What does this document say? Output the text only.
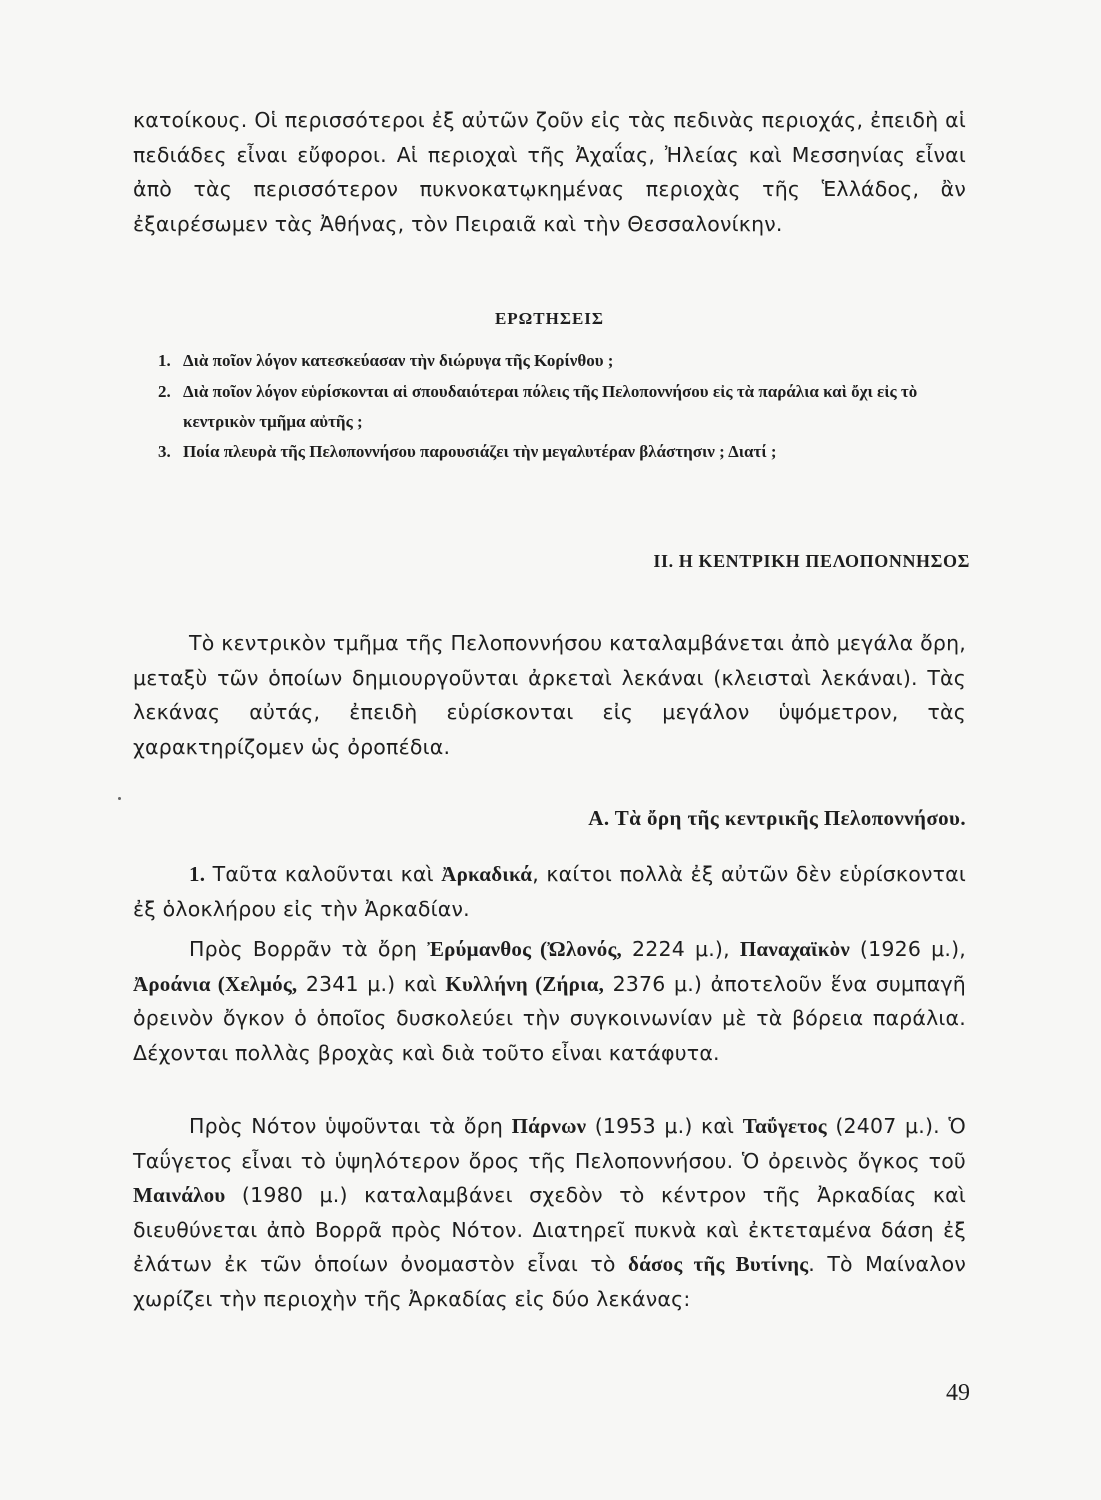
κατοίκους. Οἱ περισσότεροι ἐξ αὐτῶν ζοῦν εἰς τὰς πεδινὰς περιοχάς, ἐπειδὴ αἱ πεδιάδες εἶναι εὔφοροι. Αἱ περιοχαὶ τῆς Ἀχαΐας, Ἠλείας καὶ Μεσσηνίας εἶναι ἀπὸ τὰς περισσότερον πυκνοκατῳκημένας περιοχὰς τῆς Ἑλλάδος, ἂν ἐξαιρέσωμεν τὰς Ἀθήνας, τὸν Πειραιᾶ καὶ τὴν Θεσσαλονίκην.

ΕΡΩΤΗΣΕΙΣ

1. Διὰ ποῖον λόγον κατεσκεύασαν τὴν διώρυγα τῆς Κορίνθου ;

2. Διὰ ποῖον λόγον εὑρίσκονται αἱ σπουδαιότεραι πόλεις τῆς Πελοποννήσου εἰς τὰ παράλια καὶ ὄχι εἰς τὸ κεντρικὸν τμῆμα αὐτῆς ;

3. Ποία πλευρὰ τῆς Πελοποννήσου παρουσιάζει τὴν μεγαλυτέραν βλάστησιν ; Διατί ;

ΙΙ. Η ΚΕΝΤΡΙΚΗ ΠΕΛΟΠΟΝΝΗΣΟΣ

Τὸ κεντρικὸν τμῆμα τῆς Πελοποννήσου καταλαμβάνεται ἀπὸ μεγάλα ὄρη, μεταξὺ τῶν ὁποίων δημιουργοῦνται ἀρκεταὶ λεκάναι (κλεισταὶ λεκάναι). Τὰς λεκάνας αὐτάς, ἐπειδὴ εὑρίσκονται εἰς μεγάλον ὑψόμετρον, τὰς χαρακτηρίζομεν ὡς ὀροπέδια.

Α. Τὰ ὄρη τῆς κεντρικῆς Πελοποννήσου.

1. Ταῦτα καλοῦνται καὶ Ἀρκαδικά, καίτοι πολλὰ ἐξ αὐτῶν δὲν εὑρίσκονται ἐξ ὁλοκλήρου εἰς τὴν Ἀρκαδίαν.

Πρὸς Βορρᾶν τὰ ὄρη Ἐρύμανθος (Ὠλονός, 2224 μ.), Παναχαϊκὸν (1926 μ.), Ἀροάνια (Χελμός, 2341 μ.) καὶ Κυλλήνη (Ζήρια, 2376 μ.) ἀποτελοῦν ἕνα συμπαγῆ ὀρεινὸν ὄγκον ὁ ὁποῖος δυσκολεύει τὴν συγκοινωνίαν μὲ τὰ βόρεια παράλια. Δέχονται πολλὰς βροχὰς καὶ διὰ τοῦτο εἶναι κατάφυτα.

Πρὸς Νότον ὑψοῦνται τὰ ὄρη Πάρνων (1953 μ.) καὶ Ταΰγετος (2407 μ.). Ὁ Ταΰγετος εἶναι τὸ ὑψηλότερον ὄρος τῆς Πελοποννήσου. Ὁ ὀρεινὸς ὄγκος τοῦ Μαινάλου (1980 μ.) καταλαμβάνει σχεδὸν τὸ κέντρον τῆς Ἀρκαδίας καὶ διευθύνεται ἀπὸ Βορρᾶ πρὸς Νότον. Διατηρεῖ πυκνὰ καὶ ἐκτεταμένα δάση ἐξ ἐλάτων ἐκ τῶν ὁποίων ὀνομαστὸν εἶναι τὸ δάσος τῆς Βυτίνης. Τὸ Μαίναλον χωρίζει τὴν περιοχὴν τῆς Ἀρκαδίας εἰς δύο λεκάνας:

49
